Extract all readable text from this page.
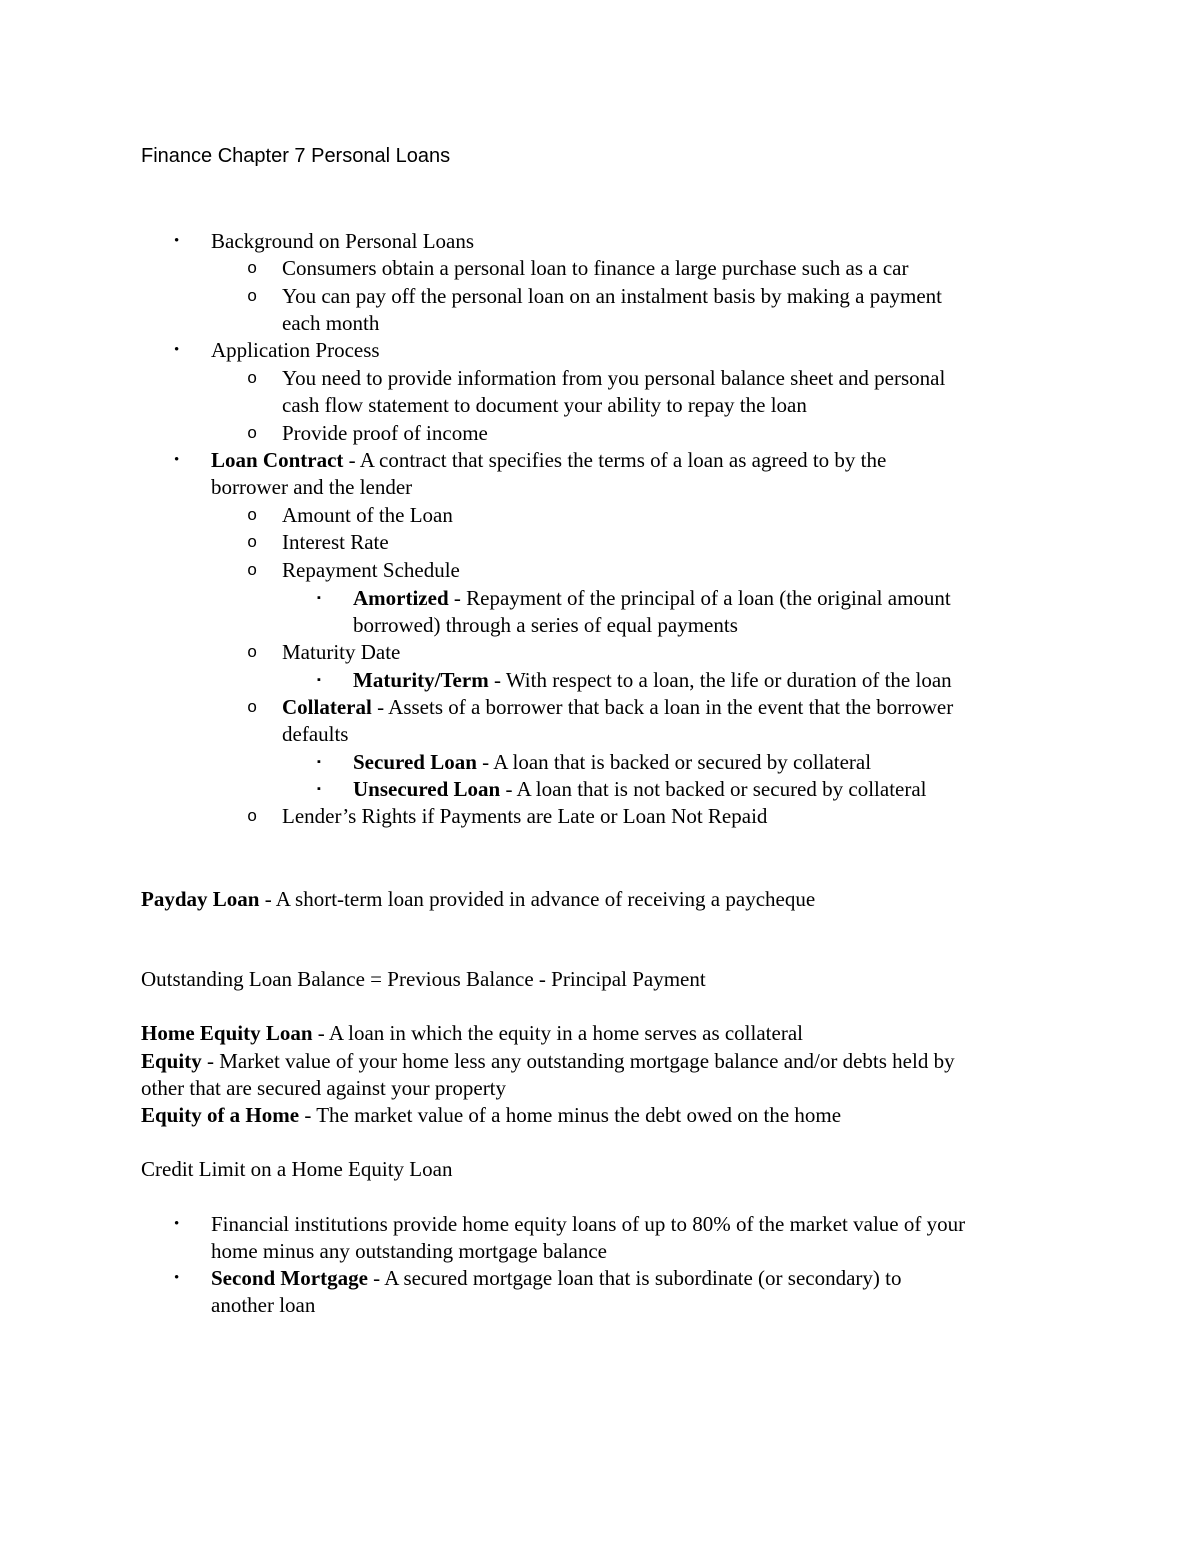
Finance Chapter 7 Personal Loans
• Background on Personal Loans
o Consumers obtain a personal loan to finance a large purchase such as a car
o You can pay off the personal loan on an instalment basis by making a payment
each month
• Application Process
o You need to provide information from you personal balance sheet and personal
cash flow statement to document your ability to repay the loan
o Provide proof of income
• Loan Contract - A contract that specifies the terms of a loan as agreed to by the
borrower and the lender
o Amount of the Loan
o Interest Rate
o Repayment Schedule
▪ Amortized - Repayment of the principal of a loan (the original amount
borrowed) through a series of equal payments
o Maturity Date
▪ Maturity/Term - With respect to a loan, the life or duration of the loan
o Collateral - Assets of a borrower that back a loan in the event that the borrower
defaults
▪ Secured Loan - A loan that is backed or secured by collateral
▪ Unsecured Loan - A loan that is not backed or secured by collateral
o Lender’s Rights if Payments are Late or Loan Not Repaid
Payday Loan - A short-term loan provided in advance of receiving a paycheque
Outstanding Loan Balance = Previous Balance - Principal Payment
Home Equity Loan - A loan in which the equity in a home serves as collateral
Equity - Market value of your home less any outstanding mortgage balance and/or debts held by
other that are secured against your property
Equity of a Home - The market value of a home minus the debt owed on the home
Credit Limit on a Home Equity Loan
• Financial institutions provide home equity loans of up to 80% of the market value of your
home minus any outstanding mortgage balance
• Second Mortgage - A secured mortgage loan that is subordinate (or secondary) to
another loan
